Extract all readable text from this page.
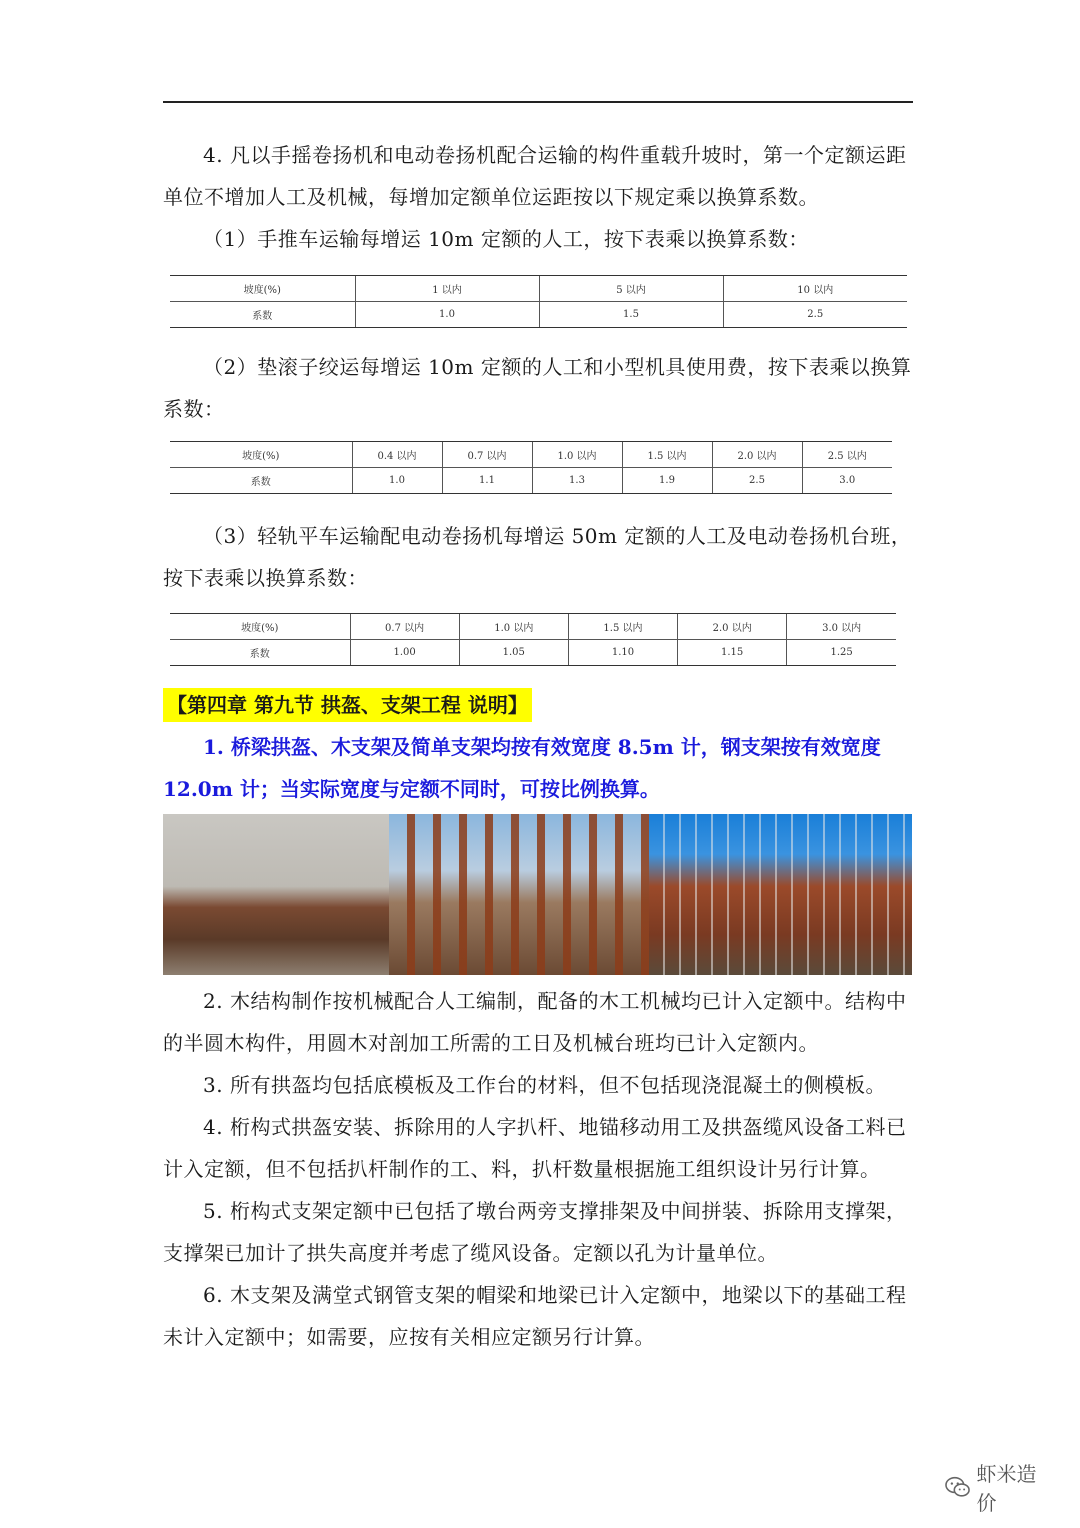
4. 凡以手摇卷扬机和电动卷扬机配合运输的构件重载升坡时，第一个定额运距单位不增加人工及机械，每增加定额单位运距按以下规定乘以换算系数。

（1）手推车运输每增运 10m 定额的人工，按下表乘以换算系数：

坡度(%)	1 以内	5 以内	10 以内
系数	1.0	1.5	2.5

（2）垫滚子绞运每增运 10m 定额的人工和小型机具使用费，按下表乘以换算系数：

坡度(%)	0.4 以内	0.7 以内	1.0 以内	1.5 以内	2.0 以内	2.5 以内
系数	1.0	1.1	1.3	1.9	2.5	3.0

（3）轻轨平车运输配电动卷扬机每增运 50m 定额的人工及电动卷扬机台班，按下表乘以换算系数：

坡度(%)	0.7 以内	1.0 以内	1.5 以内	2.0 以内	3.0 以内
系数	1.00	1.05	1.10	1.15	1.25
【第四章 第九节 拱盔、支架工程 说明】

1. 桥梁拱盔、木支架及简单支架均按有效宽度 8.5m 计，钢支架按有效宽度 12.0m 计；当实际宽度与定额不同时，可按比例换算。

2. 木结构制作按机械配合人工编制，配备的木工机械均已计入定额中。结构中的半圆木构件，用圆木对剖加工所需的工日及机械台班均已计入定额内。

3. 所有拱盔均包括底模板及工作台的材料，但不包括现浇混凝土的侧模板。

4. 桁构式拱盔安装、拆除用的人字扒杆、地锚移动用工及拱盔缆风设备工料已计入定额，但不包括扒杆制作的工、料，扒杆数量根据施工组织设计另行计算。

5. 桁构式支架定额中已包括了墩台两旁支撑排架及中间拼装、拆除用支撑架，支撑架已加计了拱失高度并考虑了缆风设备。定额以孔为计量单位。

6. 木支架及满堂式钢管支架的帽梁和地梁已计入定额中，地梁以下的基础工程未计入定额中；如需要，应按有关相应定额另行计算。

虾米造价
